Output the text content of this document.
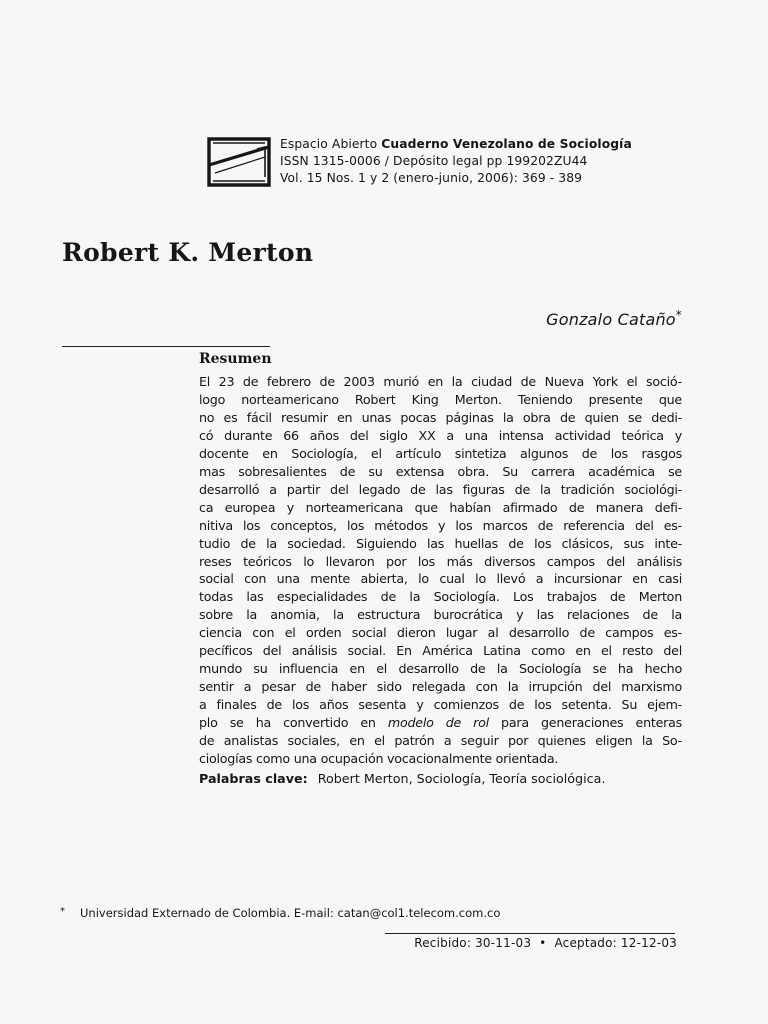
Espacio Abierto Cuaderno Venezolano de Sociología
ISSN 1315-0006 / Depósito legal pp 199202ZU44
Vol. 15 Nos. 1 y 2 (enero-junio, 2006): 369 - 389
Robert K. Merton
Gonzalo Cataño*
Resumen
El 23 de febrero de 2003 murió en la ciudad de Nueva York el soció-
logo norteamericano Robert King Merton. Teniendo presente que
no es fácil resumir en unas pocas páginas la obra de quien se dedi-
có durante 66 años del siglo XX a una intensa actividad teórica y
docente en Sociología, el artículo sintetiza algunos de los rasgos
mas sobresalientes de su extensa obra. Su carrera académica se
desarrolló a partir del legado de las figuras de la tradición sociológi-
ca europea y norteamericana que habían afirmado de manera defi-
nitiva los conceptos, los métodos y los marcos de referencia del es-
tudio de la sociedad. Siguiendo las huellas de los clásicos, sus inte-
reses teóricos lo llevaron por los más diversos campos del análisis
social con una mente abierta, lo cual lo llevó a incursionar en casi
todas las especialidades de la Sociología. Los trabajos de Merton
sobre la anomia, la estructura burocrática y las relaciones de la
ciencia con el orden social dieron lugar al desarrollo de campos es-
pecíficos del análisis social. En América Latina como en el resto del
mundo su influencia en el desarrollo de la Sociología se ha hecho
sentir a pesar de haber sido relegada con la irrupción del marxismo
a finales de los años sesenta y comienzos de los setenta. Su ejem-
plo se ha convertido en modelo de rol para generaciones enteras
de analistas sociales, en el patrón a seguir por quienes eligen la So-
ciologías como una ocupación vocacionalmente orientada.
Palabras clave: Robert Merton, Sociología, Teoría sociológica.
* Universidad Externado de Colombia. E-mail: catan@col1.telecom.com.co
Recibido: 30-11-03 • Aceptado: 12-12-03
